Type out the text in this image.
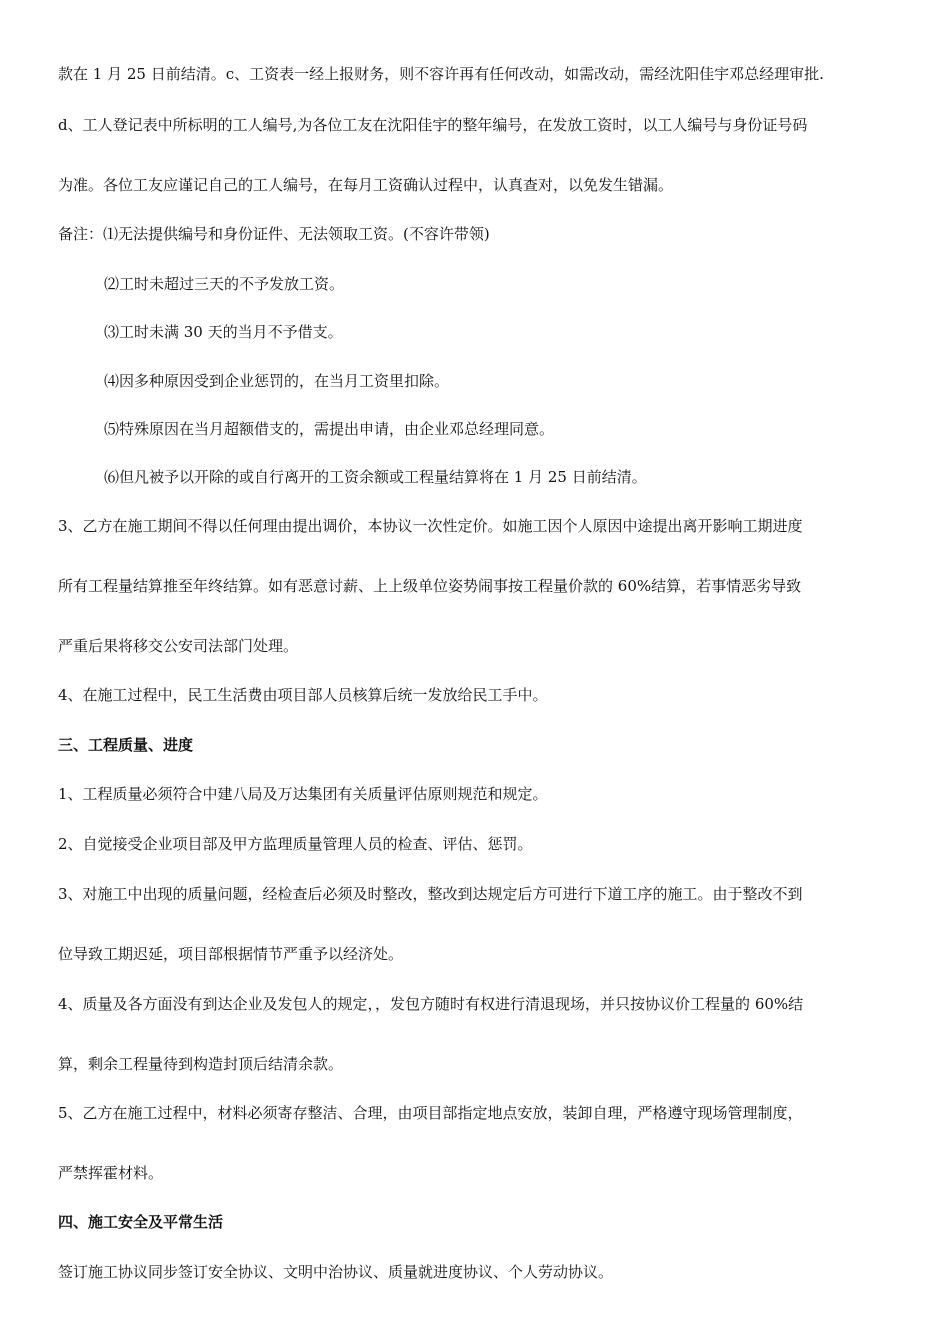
款在 1 月 25 日前结清。c、工资表一经上报财务，则不容许再有任何改动，如需改动，需经沈阳佳宇邓总经理审批.
d、工人登记表中所标明的工人编号,为各位工友在沈阳佳宇的整年编号，在发放工资时，以工人编号与身份证号码
为准。各位工友应谨记自己的工人编号，在每月工资确认过程中，认真查对，以免发生错漏。
备注：⑴无法提供编号和身份证件、无法领取工资。(不容许带领)
⑵工时未超过三天的不予发放工资。
⑶工时未满 30 天的当月不予借支。
⑷因多种原因受到企业惩罚的，在当月工资里扣除。
⑸特殊原因在当月超额借支的，需提出申请，由企业邓总经理同意。
⑹但凡被予以开除的或自行离开的工资余额或工程量结算将在 1 月 25 日前结清。
3、乙方在施工期间不得以任何理由提出调价，本协议一次性定价。如施工因个人原因中途提出离开影响工期进度
所有工程量结算推至年终结算。如有恶意讨薪、上上级单位姿势闹事按工程量价款的 60%结算，若事情恶劣导致
严重后果将移交公安司法部门处理。
4、在施工过程中，民工生活费由项目部人员核算后统一发放给民工手中。
三、工程质量、进度
1、工程质量必须符合中建八局及万达集团有关质量评估原则规范和规定。
2、自觉接受企业项目部及甲方监理质量管理人员的检查、评估、惩罚。
3、对施工中出现的质量问题，经检查后必须及时整改，整改到达规定后方可进行下道工序的施工。由于整改不到
位导致工期迟延，项目部根据情节严重予以经济处。
4、质量及各方面没有到达企业及发包人的规定，，发包方随时有权进行清退现场，并只按协议价工程量的 60%结
算，剩余工程量待到构造封顶后结清余款。
5、乙方在施工过程中，材料必须寄存整洁、合理，由项目部指定地点安放，装卸自理，严格遵守现场管理制度，
严禁挥霍材料。
四、施工安全及平常生活
签订施工协议同步签订安全协议、文明中治协议、质量就进度协议、个人劳动协议。
